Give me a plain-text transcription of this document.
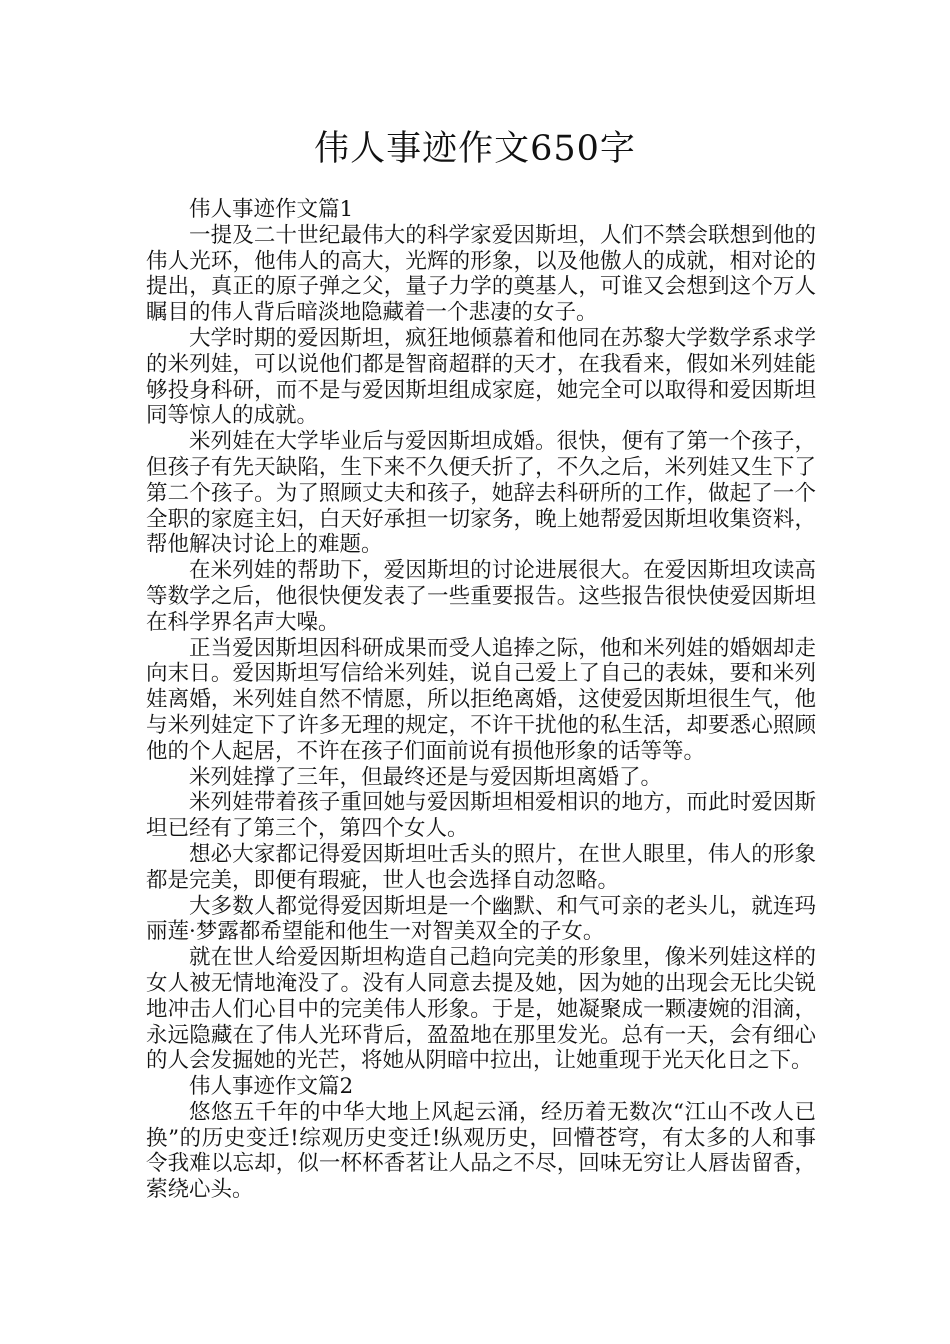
伟人事迹作文650字

伟人事迹作文篇1

一提及二十世纪最伟大的科学家爱因斯坦，人们不禁会联想到他的伟人光环，他伟人的高大，光辉的形象，以及他傲人的成就，相对论的提出，真正的原子弹之父，量子力学的奠基人，可谁又会想到这个万人瞩目的伟人背后暗淡地隐藏着一个悲凄的女子。

大学时期的爱因斯坦，疯狂地倾慕着和他同在苏黎大学数学系求学的米列娃，可以说他们都是智商超群的天才，在我看来，假如米列娃能够投身科研，而不是与爱因斯坦组成家庭，她完全可以取得和爱因斯坦同等惊人的成就。

米列娃在大学毕业后与爱因斯坦成婚。很快，便有了第一个孩子，但孩子有先天缺陷，生下来不久便夭折了，不久之后，米列娃又生下了第二个孩子。为了照顾丈夫和孩子，她辞去科研所的工作，做起了一个全职的家庭主妇，白天好承担一切家务，晚上她帮爱因斯坦收集资料，帮他解决讨论上的难题。

在米列娃的帮助下，爱因斯坦的讨论进展很大。在爱因斯坦攻读高等数学之后，他很快便发表了一些重要报告。这些报告很快使爱因斯坦在科学界名声大噪。

正当爱因斯坦因科研成果而受人追捧之际，他和米列娃的婚姻却走向末日。爱因斯坦写信给米列娃，说自己爱上了自己的表妹，要和米列娃离婚，米列娃自然不情愿，所以拒绝离婚，这使爱因斯坦很生气，他与米列娃定下了许多无理的规定，不许干扰他的私生活，却要悉心照顾他的个人起居，不许在孩子们面前说有损他形象的话等等。

米列娃撑了三年，但最终还是与爱因斯坦离婚了。

米列娃带着孩子重回她与爱因斯坦相爱相识的地方，而此时爱因斯坦已经有了第三个，第四个女人。

想必大家都记得爱因斯坦吐舌头的照片，在世人眼里，伟人的形象都是完美，即便有瑕疵，世人也会选择自动忽略。

大多数人都觉得爱因斯坦是一个幽默、和气可亲的老头儿，就连玛丽莲·梦露都希望能和他生一对智美双全的子女。

就在世人给爱因斯坦构造自己趋向完美的形象里，像米列娃这样的女人被无情地淹没了。没有人同意去提及她，因为她的出现会无比尖锐地冲击人们心目中的完美伟人形象。于是，她凝聚成一颗凄婉的泪滴，永远隐藏在了伟人光环背后，盈盈地在那里发光。总有一天，会有细心的人会发掘她的光芒，将她从阴暗中拉出，让她重现于光天化日之下。

伟人事迹作文篇2

悠悠五千年的中华大地上风起云涌，经历着无数次“江山不改人已换”的历史变迁!综观历史变迁!纵观历史，回懵苍穹，有太多的人和事令我难以忘却，似一杯杯香茗让人品之不尽，回味无穷让人唇齿留香，萦绕心头。
